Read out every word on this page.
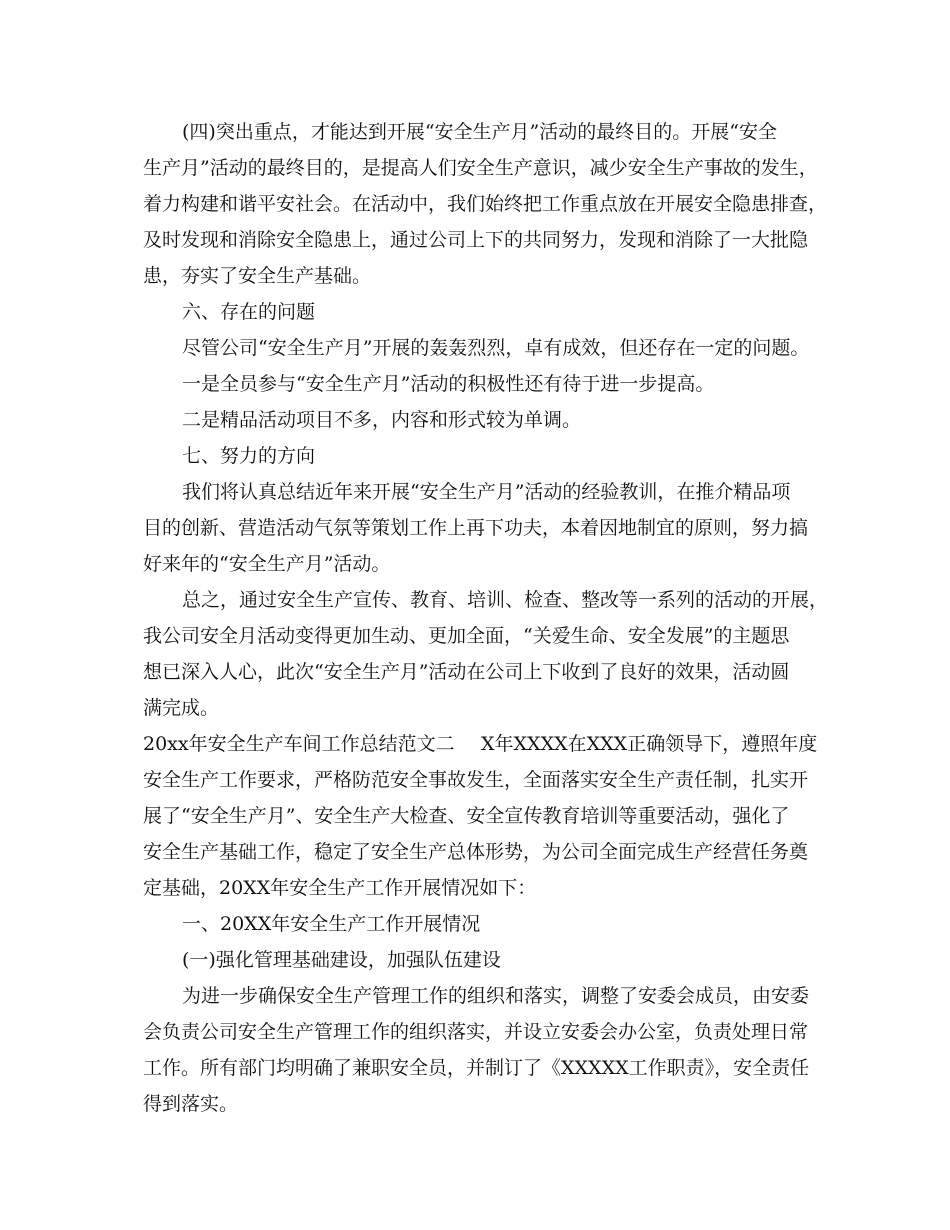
(四)突出重点，才能达到开展“安全生产月”活动的最终目的。开展“安全

生产月”活动的最终目的，是提高人们安全生产意识，减少安全生产事故的发生，

着力构建和谐平安社会。在活动中，我们始终把工作重点放在开展安全隐患排查，

及时发现和消除安全隐患上，通过公司上下的共同努力，发现和消除了一大批隐

患，夯实了安全生产基础。

六、存在的问题

尽管公司“安全生产月”开展的轰轰烈烈，卓有成效，但还存在一定的问题。

一是全员参与“安全生产月”活动的积极性还有待于进一步提高。

二是精品活动项目不多，内容和形式较为单调。

七、努力的方向

我们将认真总结近年来开展“安全生产月”活动的经验教训，在推介精品项

目的创新、营造活动气氛等策划工作上再下功夫，本着因地制宜的原则，努力搞

好来年的“安全生产月”活动。

总之，通过安全生产宣传、教育、培训、检查、整改等一系列的活动的开展，

我公司安全月活动变得更加生动、更加全面，“关爱生命、安全发展”的主题思

想已深入人心，此次“安全生产月”活动在公司上下收到了良好的效果，活动圆

满完成。

20xx年安全生产车间工作总结范文二

X年XXXX在XXX正确领导下，遵照年度

安全生产工作要求，严格防范安全事故发生，全面落实安全生产责任制，扎实开

展了“安全生产月”、安全生产大检查、安全宣传教育培训等重要活动，强化了

安全生产基础工作，稳定了安全生产总体形势，为公司全面完成生产经营任务奠

定基础，20XX年安全生产工作开展情况如下：

一、20XX年安全生产工作开展情况

(一)强化管理基础建设，加强队伍建设

为进一步确保安全生产管理工作的组织和落实，调整了安委会成员，由安委

会负责公司安全生产管理工作的组织落实，并设立安委会办公室，负责处理日常

工作。所有部门均明确了兼职安全员，并制订了《XXXXX工作职责》，安全责任

得到落实。
